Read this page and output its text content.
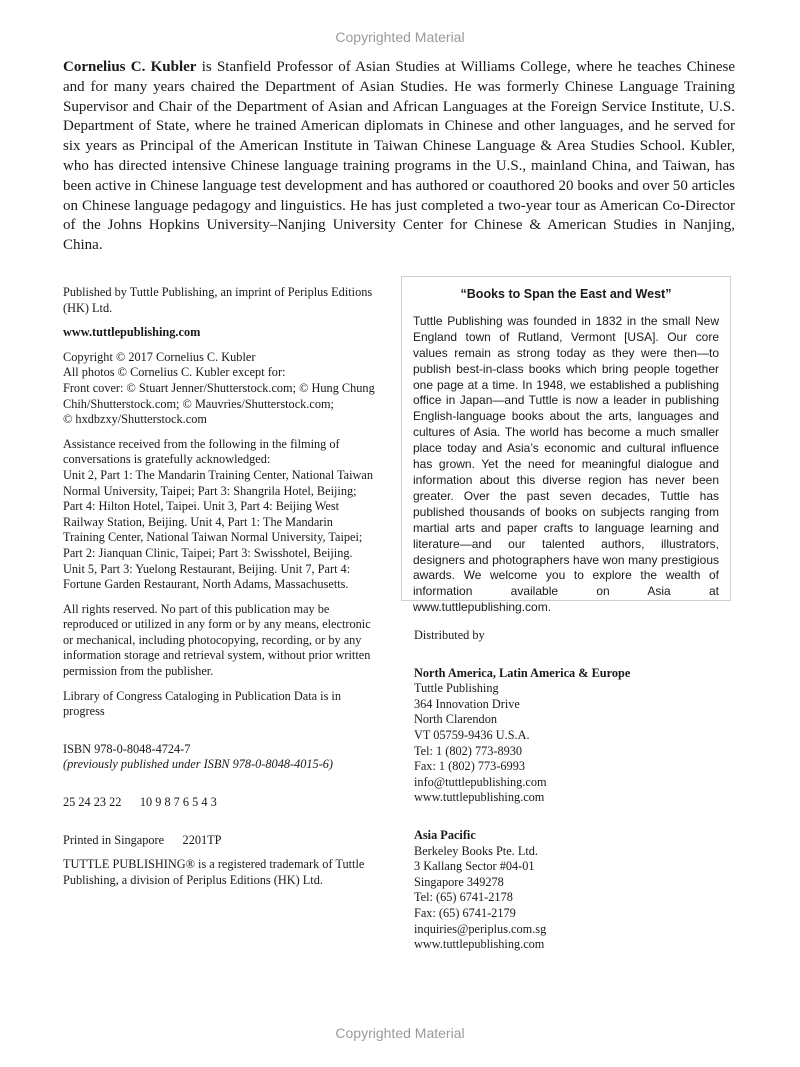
Copyrighted Material

Cornelius C. Kubler is Stanfield Professor of Asian Studies at Williams College, where he teaches Chinese and for many years chaired the Department of Asian Studies. He was formerly Chinese Language Training Supervisor and Chair of the Department of Asian and African Languages at the Foreign Service Institute, U.S. Department of State, where he trained American diplomats in Chinese and other languages, and he served for six years as Principal of the American Institute in Taiwan Chinese Language & Area Studies School. Kubler, who has directed intensive Chinese language training programs in the U.S., mainland China, and Taiwan, has been active in Chinese language test development and has authored or coauthored 20 books and over 50 articles on Chinese language pedagogy and linguistics. He has just completed a two-year tour as American Co-Director of the Johns Hopkins University–Nanjing University Center for Chinese & American Studies in Nanjing, China.

Published by Tuttle Publishing, an imprint of Periplus Editions (HK) Ltd.

www.tuttlepublishing.com

Copyright © 2017 Cornelius C. Kubler

All photos © Cornelius C. Kubler except for:

Front cover: © Stuart Jenner/Shutterstock.com; © Hung Chung Chih/Shutterstock.com; © Mauvries/Shutterstock.com;

© hxdbzxy/Shutterstock.com

Assistance received from the following in the filming of conversations is gratefully acknowledged:

Unit 2, Part 1: The Mandarin Training Center, National Taiwan Normal University, Taipei; Part 3: Shangrila Hotel, Beijing; Part 4: Hilton Hotel, Taipei. Unit 3, Part 4: Beijing West Railway Station, Beijing. Unit 4, Part 1: The Mandarin Training Center, National Taiwan Normal University, Taipei; Part 2: Jianquan Clinic, Taipei; Part 3: Swisshotel, Beijing. Unit 5, Part 3: Yuelong Restaurant, Beijing. Unit 7, Part 4: Fortune Garden Restaurant, North Adams, Massachusetts.

All rights reserved. No part of this publication may be reproduced or utilized in any form or by any means, electronic or mechanical, including photocopying, recording, or by any information storage and retrieval system, without prior written permission from the publisher.

Library of Congress Cataloging in Publication Data is in progress

ISBN 978-0-8048-4724-7

(previously published under ISBN 978-0-8048-4015-6)

25 24 23 22      10 9 8 7 6 5 4 3

Printed in Singapore      2201TP

TUTTLE PUBLISHING® is a registered trademark of Tuttle Publishing, a division of Periplus Editions (HK) Ltd.

“Books to Span the East and West”

Tuttle Publishing was founded in 1832 in the small New England town of Rutland, Vermont [USA]. Our core values remain as strong today as they were then—to publish best-in-class books which bring people together one page at a time. In 1948, we established a publishing office in Japan—and Tuttle is now a leader in publishing English-language books about the arts, languages and cultures of Asia. The world has become a much smaller place today and Asia’s economic and cultural influence has grown. Yet the need for meaningful dialogue and information about this diverse region has never been greater. Over the past seven decades, Tuttle has published thousands of books on subjects ranging from martial arts and paper crafts to language learning and literature—and our talented authors, illustrators, designers and photographers have won many prestigious awards. We welcome you to explore the wealth of information available on Asia at www.tuttlepublishing.com.

Distributed by

North America, Latin America & Europe

Tuttle Publishing
364 Innovation Drive
North Clarendon
VT 05759-9436 U.S.A.
Tel: 1 (802) 773-8930
Fax: 1 (802) 773-6993
info@tuttlepublishing.com
www.tuttlepublishing.com

Asia Pacific

Berkeley Books Pte. Ltd.
3 Kallang Sector #04-01
Singapore 349278
Tel: (65) 6741-2178
Fax: (65) 6741-2179
inquiries@periplus.com.sg
www.tuttlepublishing.com
Copyrighted Material
